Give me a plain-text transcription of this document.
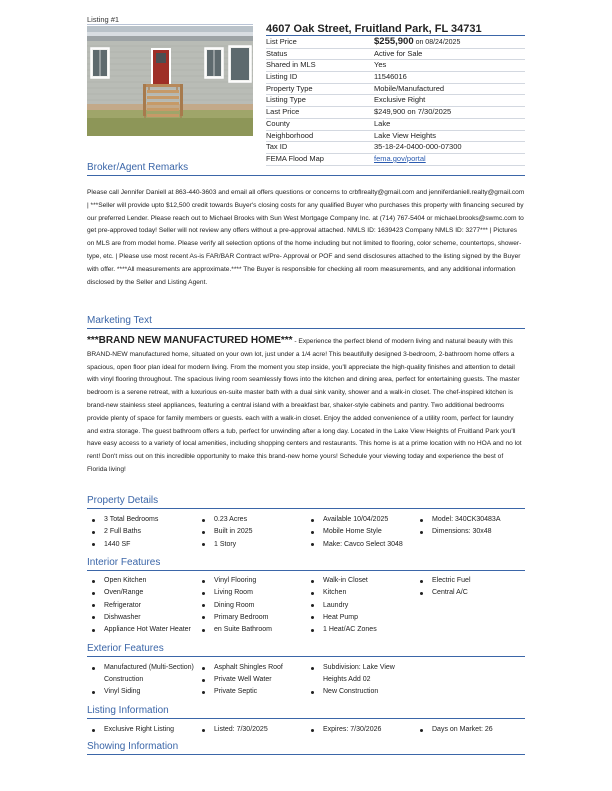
Listing #1
4607 Oak Street, Fruitland Park, FL 34731
List Price	$255,900 on 08/24/2025
Status	Active for Sale
Shared in MLS	Yes
Listing ID	11546016
Property Type	Mobile/Manufactured
Listing Type	Exclusive Right
Last Price	$249,900 on 7/30/2025
County	Lake
Neighborhood	Lake View Heights
Tax ID	35-18-24-0400-000-07300
FEMA Flood Map	fema.gov/portal
Broker/Agent Remarks
Please call Jennifer Daniell at 863-440-3603 and email all offers questions or concerns to crbflrealty@gmail.com and jenniferdaniell.realty@gmail.com | ***Seller will provide upto $12,500 credit towards Buyer's closing costs for any qualified Buyer who purchases this property with financing secured by our preferred Lender. Please reach out to Michael Brooks with Sun West Mortgage Company Inc. at (714) 767-5404 or michael.brooks@swmc.com to get pre-approved today! Seller will not review any offers without a pre-approval attached. NMLS ID: 1639423 Company NMLS ID: 3277*** | Pictures on MLS are from model home. Please verify all selection options of the home including but not limited to flooring, color scheme, countertops, shower-type, etc. | Please use most recent As-is FAR/BAR Contract w/Pre- Approval or POF and send disclosures attached to the listing signed by the Buyer with offer. ****All measurements are approximate.**** The Buyer is responsible for checking all room measurements, and any additional information disclosed by the Seller and Listing Agent.
Marketing Text
***BRAND NEW MANUFACTURED HOME*** - Experience the perfect blend of modern living and natural beauty with this BRAND-NEW manufactured home, situated on your own lot, just under a 1/4 acre! This beautifully designed 3-bedroom, 2-bathroom home offers a spacious, open floor plan ideal for modern living. From the moment you step inside, you'll appreciate the high-quality finishes and attention to detail with vinyl flooring throughout. The spacious living room seamlessly flows into the kitchen and dining area, perfect for entertaining guests. The master bedroom is a serene retreat, with a luxurious en-suite master bath with a dual sink vanity, shower and a walk-in closet. The chef-inspired kitchen is brand-new stainless steel appliances, featuring a central island with a breakfast bar, shaker-style cabinets and pantry. Two additional bedrooms provide plenty of space for family members or guests. each with a walk-in closet. Enjoy the added convenience of a utility room, perfect for laundry and extra storage. The guest bathroom offers a tub, perfect for unwinding after a long day. Located in the Lake View Heights of Fruitland Park you'll have easy access to a variety of local amenities, including shopping centers and restaurants. This home is at a prime location with no HOA and no lot rent! Don't miss out on this incredible opportunity to make this brand-new home yours! Schedule your viewing today and experience the best of Florida living!
Property Details
3 Total Bedrooms
2 Full Baths
1440 SF
0.23 Acres
Built in 2025
1 Story
Available 10/04/2025
Mobile Home Style
Make: Cavco Select 3048
Model: 340CK30483A
Dimensions: 30x48
Interior Features
Open Kitchen
Oven/Range
Refrigerator
Dishwasher
Appliance Hot Water Heater
Vinyl Flooring
Living Room
Dining Room
Primary Bedroom
en Suite Bathroom
Walk-in Closet
Kitchen
Laundry
Heat Pump
1 Heat/AC Zones
Electric Fuel
Central A/C
Exterior Features
Manufactured (Multi-Section) Construction
Vinyl Siding
Asphalt Shingles Roof
Private Well Water
Private Septic
Subdivision: Lake View Heights Add 02
New Construction
Listing Information
Exclusive Right Listing	Listed: 7/30/2025	Expires: 7/30/2026	Days on Market: 26
Showing Information
